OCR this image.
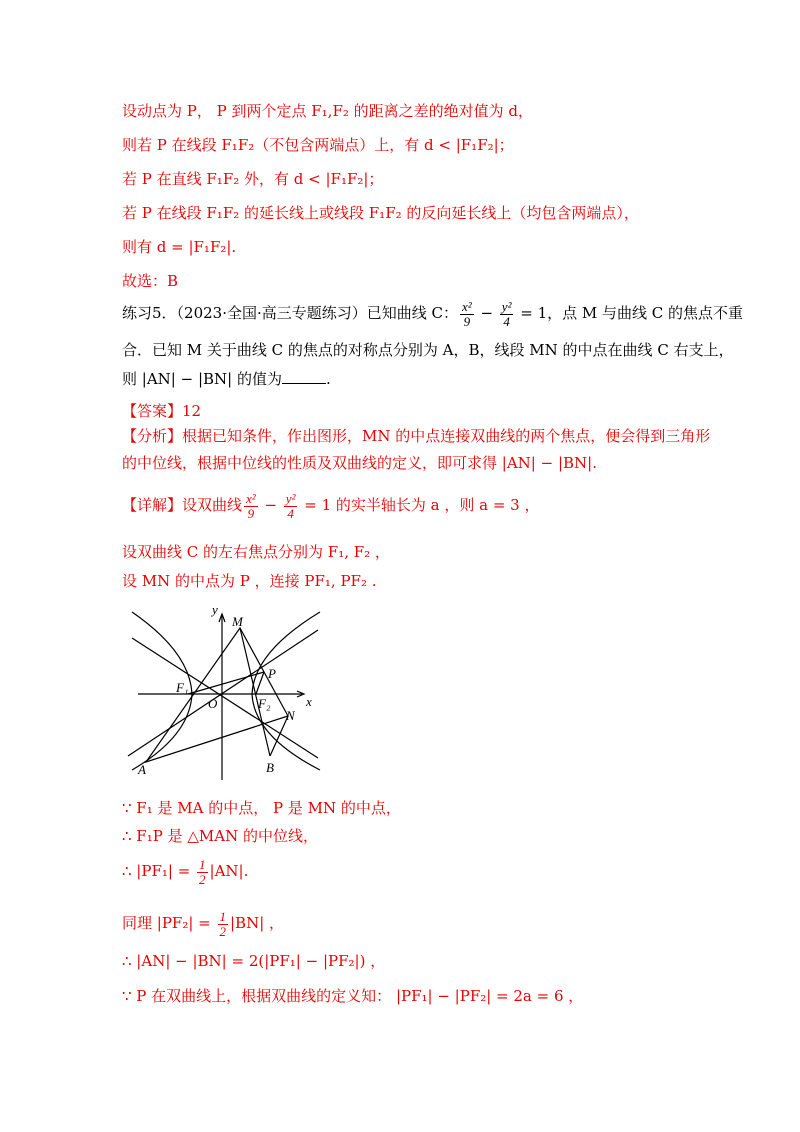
设动点为 P， P 到两个定点 F₁,F₂ 的距离之差的绝对值为 d，
则若 P 在线段 F₁F₂（不包含两端点）上，有 d < |F₁F₂|；
若 P 在直线 F₁F₂ 外，有 d < |F₁F₂|；
若 P 在线段 F₁F₂ 的延长线上或线段 F₁F₂ 的反向延长线上（均包含两端点），
则有 d = |F₁F₂|.
故选：B
练习5．（2023·全国·高三专题练习）已知曲线 C： $\frac{\text{x²}}{9} - \frac{\text{y²}}{4} = 1$，点 M 与曲线 C 的焦点不重
合．已知 M 关于曲线 C 的焦点的对称点分别为 A，B，线段 MN 的中点在曲线 C 右支上，
则 |AN| − |BN| 的值为	.
【答案】12
【分析】根据已知条件，作出图形，MN 的中点连接双曲线的两个焦点，便会得到三角形
的中位线，根据中位线的性质及双曲线的定义，即可求得 |AN| − |BN|.
【详解】设双曲线 $\frac{\text{x²}}{9} - \frac{\text{y²}}{4} = 1$ 的实半轴长为 a ，则 a = 3 ，
设双曲线 C 的左右焦点分别为 F₁, F₂ ，
设 MN 的中点为 P ，连接 PF₁, PF₂ .
y
x
O
M
P
F₁
F₂
N
A	B
∵ F₁ 是 MA 的中点， P 是 MN 的中点，
∴ F₁P 是 △MAN 的中位线，
∴ $|PF_1| = \frac{1}{2} |AN|$.
同理 $|PF_2| = \frac{1}{2} |BN|$ ，
∴ |AN| − |BN| = 2(|PF₁| − |PF₂|) ，
∵ P 在双曲线上，根据双曲线的定义知： |PF₁| − |PF₂| = 2a = 6 ，
